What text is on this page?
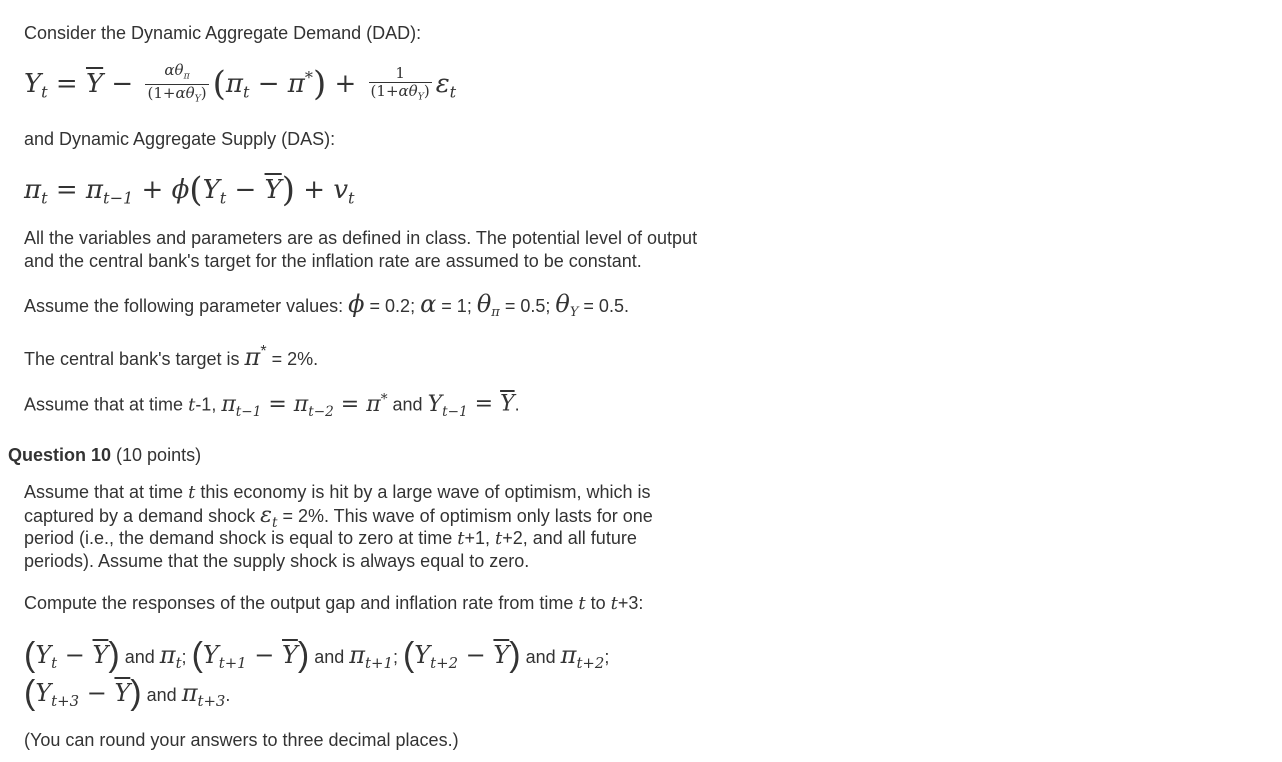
Consider the Dynamic Aggregate Demand (DAD):
$Y_t = \overline{Y} - \frac{\alpha\theta_\pi}{(1+\alpha\theta_Y)} (\pi_t - \pi^*) + \frac{1}{(1+\alpha\theta_Y)} \varepsilon_t$
and Dynamic Aggregate Supply (DAS):
$\pi_t = \pi_{t-1} + \phi(Y_t - \overline{Y}) + v_t$
All the variables and parameters are as defined in class. The potential level of output
and the central bank's target for the inflation rate are assumed to be constant.
Assume the following parameter values: ϕ = 0.2; α = 1; $\theta_\pi = 0.5$; $\theta_Y = 0.5$.
The central bank's target is π* = 2%.
Assume that at time t-1, $\pi_{t-1} = \pi_{t-2} = \pi^*$ and $Y_{t-1} = \overline{Y}$.
Question 10 (10 points)
Assume that at time t this economy is hit by a large wave of optimism, which is
captured by a demand shock $\varepsilon_t = 2\%$. This wave of optimism only lasts for one
period (i.e., the demand shock is equal to zero at time t+1, t+2, and all future
periods). Assume that the supply shock is always equal to zero.
Compute the responses of the output gap and inflation rate from time t to t+3:
$(Y_t - \overline{Y})$ and $\pi_t$; $(Y_{t+1} - \overline{Y})$ and $\pi_{t+1}$; $(Y_{t+2} - \overline{Y})$ and $\pi_{t+2}$;
$(Y_{t+3} - \overline{Y})$ and $\pi_{t+3}$.
(You can round your answers to three decimal places.)
